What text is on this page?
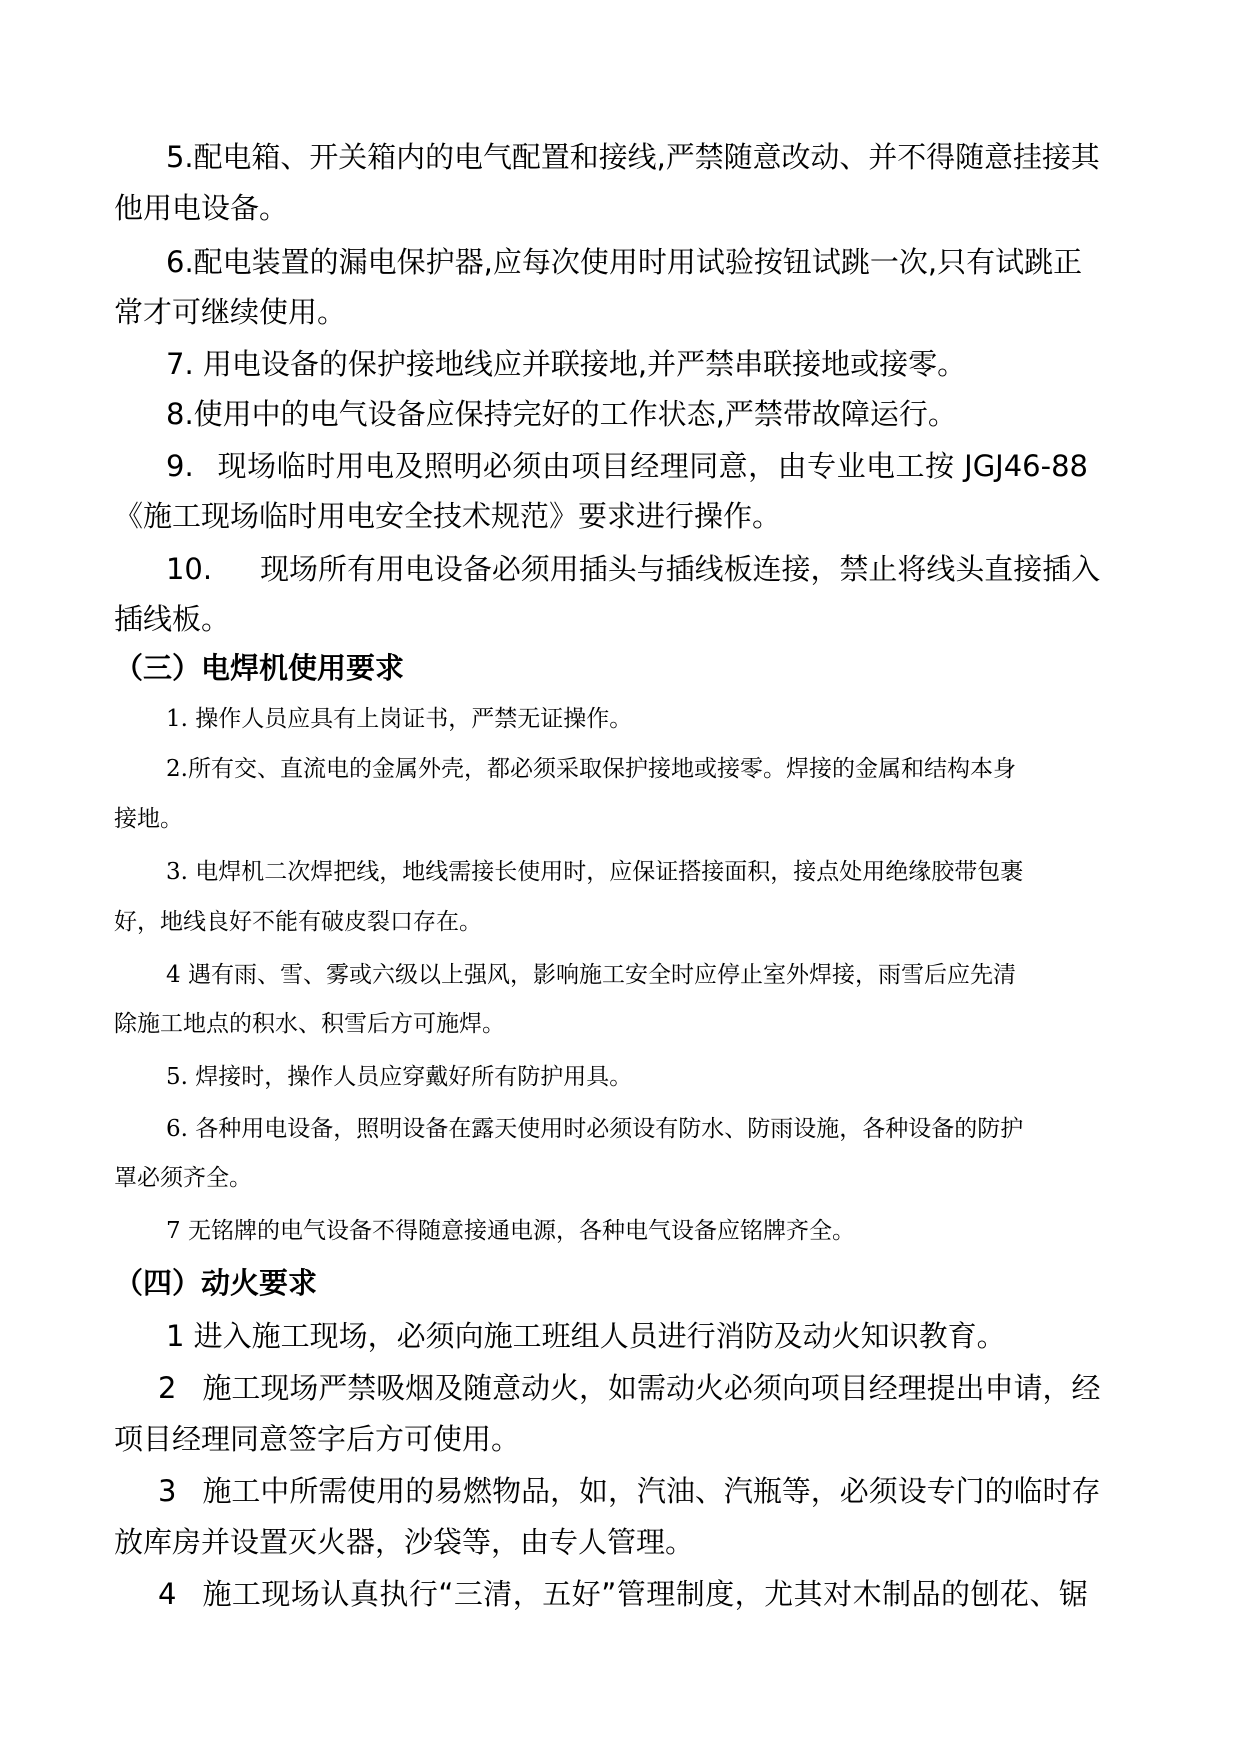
5.配电箱、开关箱内的电气配置和接线,严禁随意改动、并不得随意挂接其
他用电设备。
6.配电装置的漏电保护器,应每次使用时用试验按钮试跳一次,只有试跳正
常才可继续使用。
7. 用电设备的保护接地线应并联接地,并严禁串联接地或接零。
8.使用中的电气设备应保持完好的工作状态,严禁带故障运行。
9. 现场临时用电及照明必须由项目经理同意，由专业电工按 JGJ46-88
《施工现场临时用电安全技术规范》要求进行操作。
10. 现场所有用电设备必须用插头与插线板连接，禁止将线头直接插入
插线板。
（三）电焊机使用要求
1. 操作人员应具有上岗证书，严禁无证操作。
2.所有交、直流电的金属外壳，都必须采取保护接地或接零。焊接的金属和结构本身
接地。
3. 电焊机二次焊把线，地线需接长使用时，应保证搭接面积，接点处用绝缘胶带包裹
好，地线良好不能有破皮裂口存在。
4 遇有雨、雪、雾或六级以上强风，影响施工安全时应停止室外焊接，雨雪后应先清
除施工地点的积水、积雪后方可施焊。
5. 焊接时，操作人员应穿戴好所有防护用具。
6. 各种用电设备，照明设备在露天使用时必须设有防水、防雨设施，各种设备的防护
罩必须齐全。
7 无铭牌的电气设备不得随意接通电源，各种电气设备应铭牌齐全。
（四）动火要求
1 进入施工现场，必须向施工班组人员进行消防及动火知识教育。
2 施工现场严禁吸烟及随意动火，如需动火必须向项目经理提出申请，经
项目经理同意签字后方可使用。
3 施工中所需使用的易燃物品，如，汽油、汽瓶等，必须设专门的临时存
放库房并设置灭火器，沙袋等，由专人管理。
4 施工现场认真执行“三清，五好”管理制度，尤其对木制品的刨花、锯
